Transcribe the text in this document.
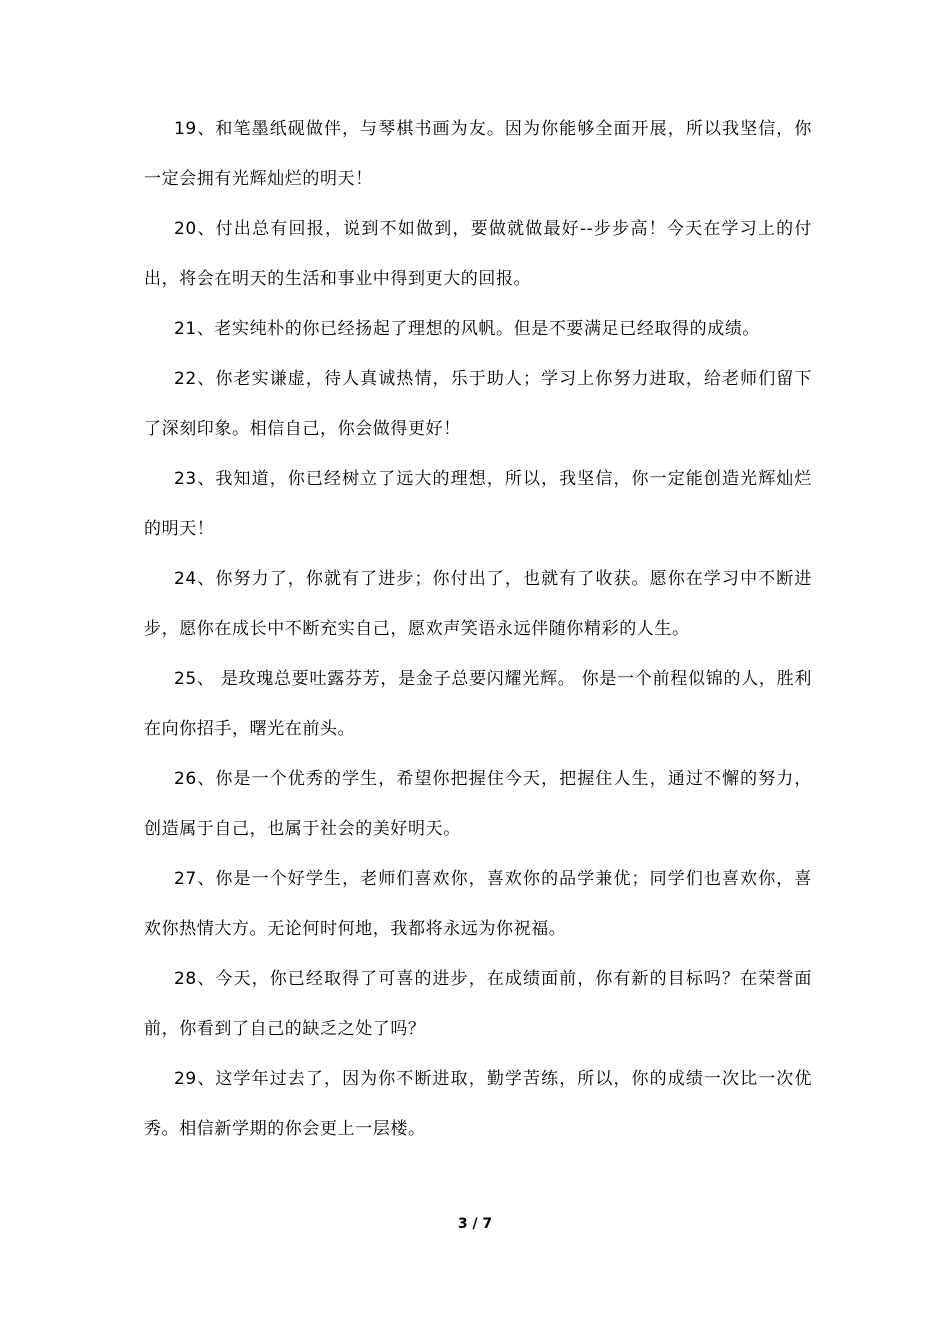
19、和笔墨纸砚做伴，与琴棋书画为友。因为你能够全面开展，所以我坚信，你一定会拥有光辉灿烂的明天！

20、付出总有回报，说到不如做到，要做就做最好--步步高！今天在学习上的付出，将会在明天的生活和事业中得到更大的回报。

21、老实纯朴的你已经扬起了理想的风帆。但是不要满足已经取得的成绩。

22、你老实谦虚，待人真诚热情，乐于助人；学习上你努力进取，给老师们留下了深刻印象。相信自己，你会做得更好！

23、我知道，你已经树立了远大的理想，所以，我坚信，你一定能创造光辉灿烂的明天！

24、你努力了，你就有了进步；你付出了，也就有了收获。愿你在学习中不断进步，愿你在成长中不断充实自己，愿欢声笑语永远伴随你精彩的人生。

25、 是玫瑰总要吐露芬芳，是金子总要闪耀光辉。 你是一个前程似锦的人，胜利在向你招手，曙光在前头。

26、你是一个优秀的学生，希望你把握住今天，把握住人生，通过不懈的努力，创造属于自己，也属于社会的美好明天。

27、你是一个好学生，老师们喜欢你，喜欢你的品学兼优；同学们也喜欢你，喜欢你热情大方。无论何时何地，我都将永远为你祝福。

28、今天，你已经取得了可喜的进步，在成绩面前，你有新的目标吗？在荣誉面前，你看到了自己的缺乏之处了吗？

29、这学年过去了，因为你不断进取，勤学苦练，所以，你的成绩一次比一次优秀。相信新学期的你会更上一层楼。

3 / 7
